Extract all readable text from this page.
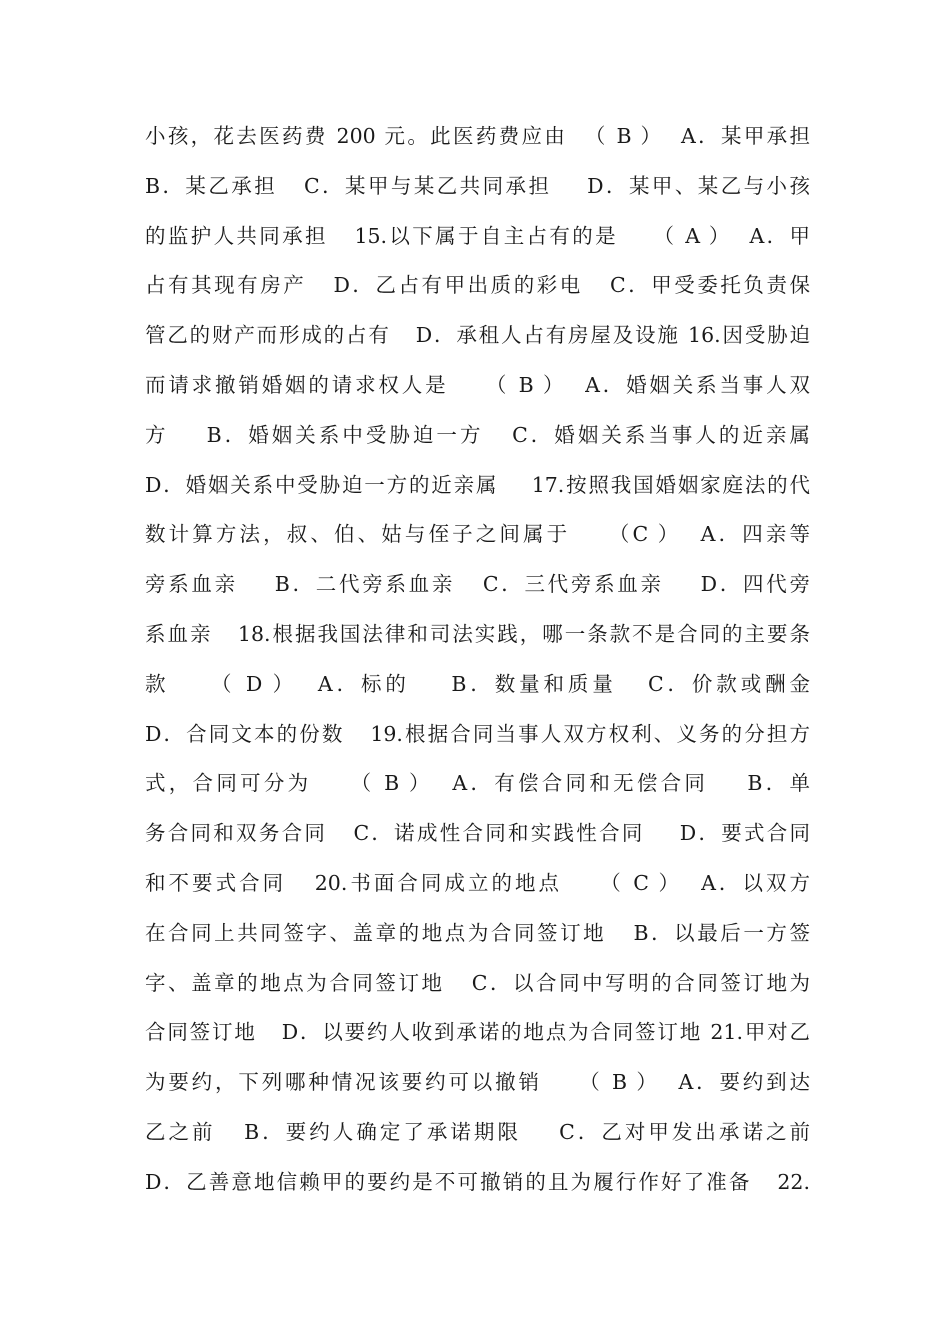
小孩，花去医药费 200 元。此医药费应由  （ B ）  A．某甲承担
B．某乙承担   C．某甲与某乙共同承担    D．某甲、某乙与小孩
的监护人共同承担   15.以下属于自主占有的是    （ A ）  A．甲
占有其现有房产   D．乙占有甲出质的彩电   C．甲受委托负责保
管乙的财产而形成的占有   D．承租人占有房屋及设施 16.因受胁迫
而请求撤销婚姻的请求权人是    （ B ）  A．婚姻关系当事人双
方    B．婚姻关系中受胁迫一方   C．婚姻关系当事人的近亲属
D．婚姻关系中受胁迫一方的近亲属    17.按照我国婚姻家庭法的代
数计算方法，叔、伯、姑与侄子之间属于    （C ）  A．四亲等
旁系血亲    B．二代旁系血亲   C．三代旁系血亲    D．四代旁
系血亲   18.根据我国法律和司法实践，哪一条款不是合同的主要条
款    （ D ）  A．标的    B．数量和质量   C．价款或酬金
D．合同文本的份数   19.根据合同当事人双方权利、义务的分担方
式，合同可分为    （ B ）  A．有偿合同和无偿合同    B．单
务合同和双务合同   C．诺成性合同和实践性合同    D．要式合同
和不要式合同   20.书面合同成立的地点    （ C ）  A．以双方
在合同上共同签字、盖章的地点为合同签订地   B．以最后一方签
字、盖章的地点为合同签订地   C．以合同中写明的合同签订地为
合同签订地   D．以要约人收到承诺的地点为合同签订地 21.甲对乙
为要约，下列哪种情况该要约可以撤销    （ B ）  A．要约到达
乙之前   B．要约人确定了承诺期限    C．乙对甲发出承诺之前
D．乙善意地信赖甲的要约是不可撤销的且为履行作好了准备   22.
